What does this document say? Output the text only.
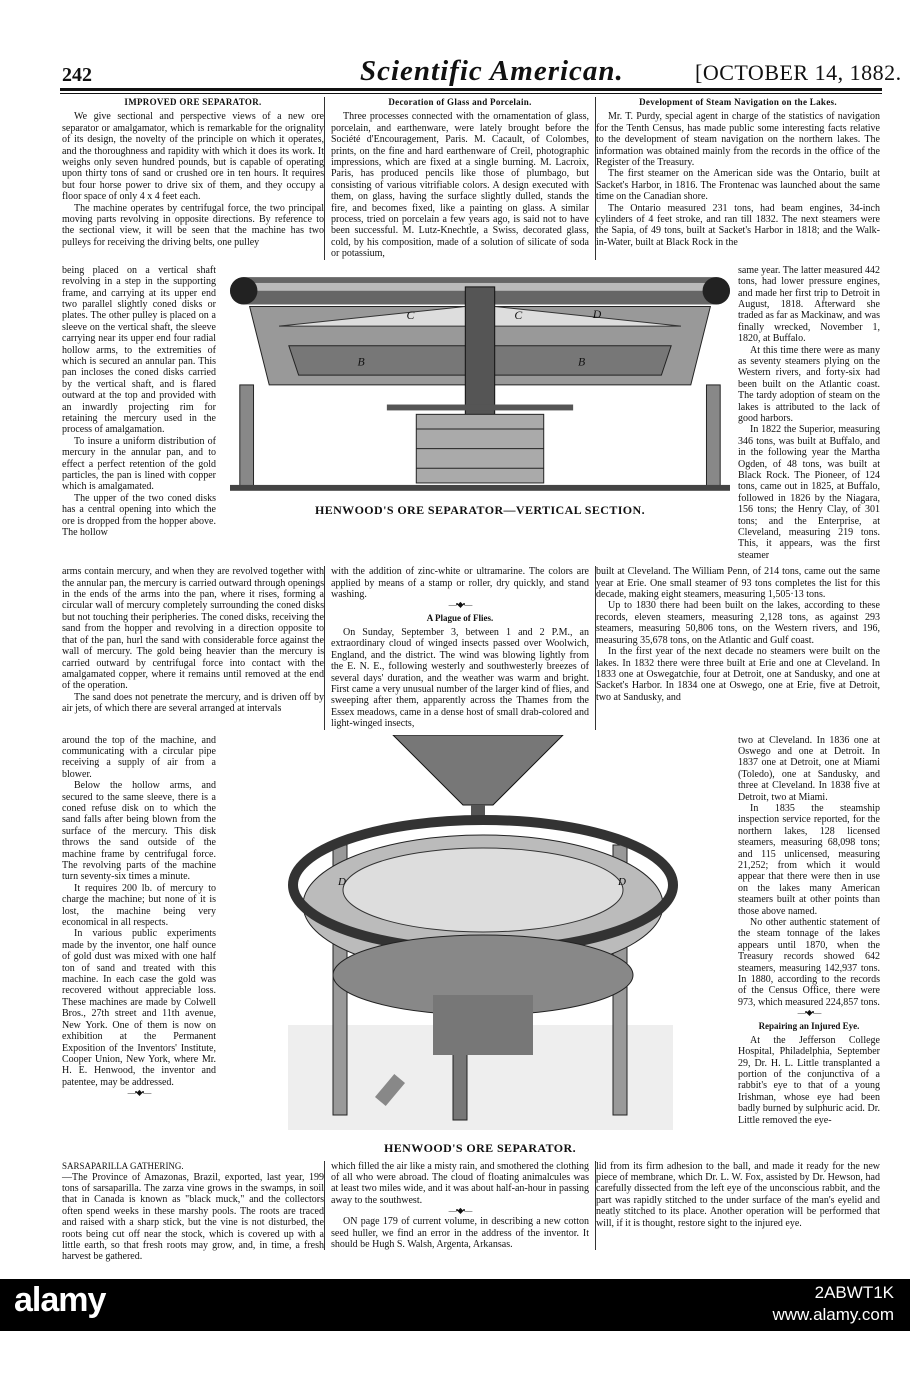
242	Scientific American.	[OCTOBER 14, 1882.
IMPROVED ORE SEPARATOR.

We give sectional and perspective views of a new ore separator or amalgamator, which is remarkable for the orignality of its design, the novelty of the principle on which it operates, and the thoroughness and rapidity with which it does its work. It weighs only seven hundred pounds, but is capable of operating upon thirty tons of sand or crushed ore in ten hours. It requires but four horse power to drive six of them, and they occupy a floor space of only 4 x 4 feet each.

The machine operates by centrifugal force, the two principal moving parts revolving in opposite directions. By reference to the sectional view, it will be seen that the machine has two pulleys for receiving the driving belts, one pulley

Decoration of Glass and Porcelain.

Three processes connected with the ornamentation of glass, porcelain, and earthenware, were lately brought before the Société d'Encouragement, Paris. M. Cacault, of Colombes, prints, on the fine and hard earthenware of Creil, photographic impressions, which are fixed at a single burning. M. Lacroix, Paris, has produced pencils like those of plumbago, but consisting of various vitrifiable colors. A design executed with them, on glass, having the surface slightly dulled, stands the fire, and becomes fixed, like a painting on glass. A similar process, tried on porcelain a few years ago, is said not to have been successful. M. Lutz-Knechtle, a Swiss, decorated glass, cold, by his composition, made of a solution of silicate of soda or potassium,

Development of Steam Navigation on the Lakes.

Mr. T. Purdy, special agent in charge of the statistics of navigation for the Tenth Census, has made public some interesting facts relative to the development of steam navigation on the northern lakes. The information was obtained mainly from the records in the office of the Register of the Treasury.

The first steamer on the American side was the Ontario, built at Sacket's Harbor, in 1816. The Frontenac was launched about the same time on the Canadian shore.

The Ontario measured 231 tons, had beam engines, 34-inch cylinders of 4 feet stroke, and ran till 1832. The next steamers were the Sapia, of 49 tons, built at Sacket's Harbor in 1818; and the Walk-in-Water, built at Black Rock in the

being placed on a vertical shaft revolving in a step in the supporting frame, and carrying at its upper end two parallel slightly coned disks or plates. The other pulley is placed on a sleeve on the vertical shaft, the sleeve carrying near its upper end four radial hollow arms, to the extremities of which is secured an annular pan. This pan incloses the coned disks carried by the vertical shaft, and is flared outward at the top and provided with an inwardly projecting rim for retaining the mercury used in the process of amalgamation.

To insure a uniform distribution of mercury in the annular pan, and to effect a perfect retention of the gold particles, the pan is lined with copper which is amalgamated.

The upper of the two coned disks has a central opening into which the ore is dropped from the hopper above. The hollow

C	C	D
B	B
HENWOOD'S ORE SEPARATOR—VERTICAL SECTION.

same year. The latter measured 442 tons, had lower pressure engines, and made her first trip to Detroit in August, 1818. Afterward she traded as far as Mackinaw, and was finally wrecked, November 1, 1820, at Buffalo.

At this time there were as many as seventy steamers plying on the Western rivers, and forty-six had been built on the Atlantic coast. The tardy adoption of steam on the lakes is attributed to the lack of good harbors.

In 1822 the Superior, measuring 346 tons, was built at Buffalo, and in the following year the Martha Ogden, of 48 tons, was built at Black Rock. The Pioneer, of 124 tons, came out in 1825, at Buffalo, followed in 1826 by the Niagara, 156 tons; the Henry Clay, of 301 tons; and the Enterprise, at Cleveland, measuring 219 tons. This, it appears, was the first steamer

arms contain mercury, and when they are revolved together with the annular pan, the mercury is carried outward through openings in the ends of the arms into the pan, where it rises, forming a circular wall of mercury completely surrounding the coned disks but not touching their peripheries. The coned disks, receiving the sand from the hopper and revolving in a direction opposite to that of the pan, hurl the sand with considerable force against the wall of mercury. The gold being heavier than the mercury is carried outward by centrifugal force into contact with the amalgamated copper, where it remains until removed at the end of the operation.

The sand does not penetrate the mercury, and is driven off by air jets, of which there are several arranged at intervals

with the addition of zinc-white or ultramarine. The colors are applied by means of a stamp or roller, dry quickly, and stand washing.

—•◆•—
A Plague of Flies.

On Sunday, September 3, between 1 and 2 P.M., an extraordinary cloud of winged insects passed over Woolwich, England, and the district. The wind was blowing lightly from the E. N. E., following westerly and southwesterly breezes of several days' duration, and the weather was warm and bright. First came a very unusual number of the larger kind of flies, and sweeping after them, apparently across the Thames from the Essex meadows, came in a dense host of small drab-colored and light-winged insects,

built at Cleveland. The William Penn, of 214 tons, came out the same year at Erie. One small steamer of 93 tons completes the list for this decade, making eight steamers, measuring 1,505·13 tons.

Up to 1830 there had been built on the lakes, according to these records, eleven steamers, measuring 2,128 tons, as against 293 steamers, measuring 50,806 tons, on the Western rivers, and 196, measuring 35,678 tons, on the Atlantic and Gulf coast.

In the first year of the next decade no steamers were built on the lakes. In 1832 there were three built at Erie and one at Cleveland. In 1833 one at Oswegatchie, four at Detroit, one at Sandusky, and one at Sacket's Harbor. In 1834 one at Oswego, one at Erie, five at Detroit, two at Sandusky, and

around the top of the machine, and communicating with a circular pipe receiving a supply of air from a blower.

Below the hollow arms, and secured to the same sleeve, there is a coned refuse disk on to which the sand falls after being blown from the surface of the mercury. This disk throws the sand outside of the machine frame by centrifugal force. The revolving parts of the machine turn seventy-six times a minute.

It requires 200 lb. of mercury to charge the machine; but none of it is lost, the machine being very economical in all respects.

In various public experiments made by the inventor, one half ounce of gold dust was mixed with one half ton of sand and treated with this machine. In each case the gold was recovered without appreciable loss. These machines are made by Colwell Bros., 27th street and 11th avenue, New York. One of them is now on exhibition at the Permanent Exposition of the Inventors' Institute, Cooper Union, New York, where Mr. H. E. Henwood, the inventor and patentee, may be addressed.

—•◆•—
D	D
HENWOOD'S ORE SEPARATOR.

two at Cleveland. In 1836 one at Oswego and one at Detroit. In 1837 one at Detroit, one at Miami (Toledo), one at Sandusky, and three at Cleveland. In 1838 five at Detroit, two at Miami.

In 1835 the steamship inspection service reported, for the northern lakes, 128 licensed steamers, measuring 68,098 tons; and 115 unlicensed, measuring 21,252; from which it would appear that there were then in use on the lakes many American steamers built at other points than those above named.

No other authentic statement of the steam tonnage of the lakes appears until 1870, when the Treasury records showed 642 steamers, measuring 142,937 tons. In 1880, according to the records of the Census Office, there were 973, which measured 224,857 tons.

—•◆•—
Repairing an Injured Eye.

At the Jefferson College Hospital, Philadelphia, September 29, Dr. H. L. Little transplanted a portion of the conjunctiva of a rabbit's eye to that of a young Irishman, whose eye had been badly burned by sulphuric acid. Dr. Little removed the eye-

SARSAPARILLA GATHERING.

—The Province of Amazonas, Brazil, exported, last year, 199 tons of sarsaparilla. The zarza vine grows in the swamps, in soil that in Canada is known as "black muck," and the collectors often spend weeks in these marshy pools. The roots are traced and raised with a sharp stick, but the vine is not disturbed, the roots being cut off near the stock, which is covered up with a little earth, so that fresh roots may grow, and, in time, a fresh harvest be gathered.

which filled the air like a misty rain, and smothered the clothing of all who were abroad. The cloud of floating animalcules was at least two miles wide, and it was about half-an-hour in passing away to the southwest.

—•◆•—

ON page 179 of current volume, in describing a new cotton seed huller, we find an error in the address of the inventor. It should be Hugh S. Walsh, Argenta, Arkansas.

lid from its firm adhesion to the ball, and made it ready for the new piece of membrane, which Dr. L. W. Fox, assisted by Dr. Hewson, had carefully dissected from the left eye of the unconscious rabbit, and the part was rapidly stitched to the under surface of the man's eyelid and neatly stitched to its place. Another operation will be performed that will, if it is thought, restore sight to the injured eye.

alamy	2ABWT1K
www.alamy.com
